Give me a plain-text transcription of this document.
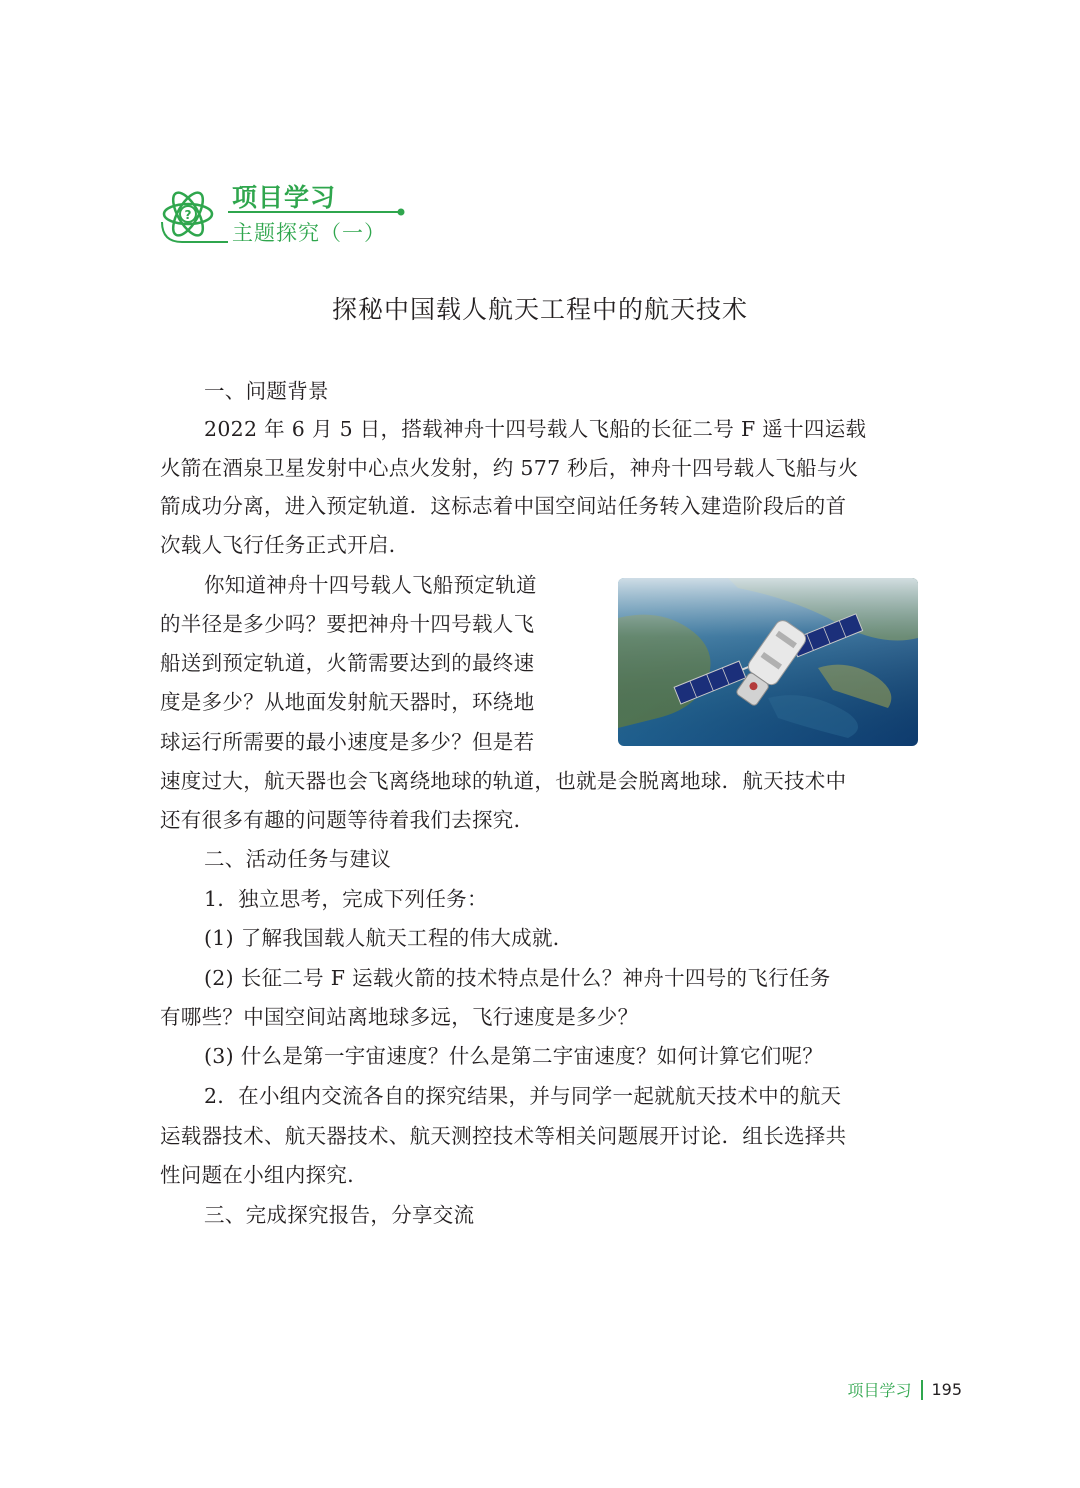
?
项目学习
主题探究（一）
探秘中国载人航天工程中的航天技术
一、问题背景
2022 年 6 月 5 日，搭载神舟十四号载人飞船的长征二号 F 遥十四运载
火箭在酒泉卫星发射中心点火发射，约 577 秒后，神舟十四号载人飞船与火
箭成功分离，进入预定轨道．这标志着中国空间站任务转入建造阶段后的首
次载人飞行任务正式开启．
你知道神舟十四号载人飞船预定轨道
的半径是多少吗？要把神舟十四号载人飞
船送到预定轨道，火箭需要达到的最终速
度是多少？从地面发射航天器时，环绕地
球运行所需要的最小速度是多少？但是若
速度过大，航天器也会飞离绕地球的轨道，也就是会脱离地球．航天技术中
还有很多有趣的问题等待着我们去探究．
二、活动任务与建议
1．独立思考，完成下列任务：
(1) 了解我国载人航天工程的伟大成就．
(2) 长征二号 F 运载火箭的技术特点是什么？神舟十四号的飞行任务
有哪些？中国空间站离地球多远，飞行速度是多少？
(3) 什么是第一宇宙速度？什么是第二宇宙速度？如何计算它们呢？
2．在小组内交流各自的探究结果，并与同学一起就航天技术中的航天
运载器技术、航天器技术、航天测控技术等相关问题展开讨论．组长选择共
性问题在小组内探究．
三、完成探究报告，分享交流
项目学习 195
